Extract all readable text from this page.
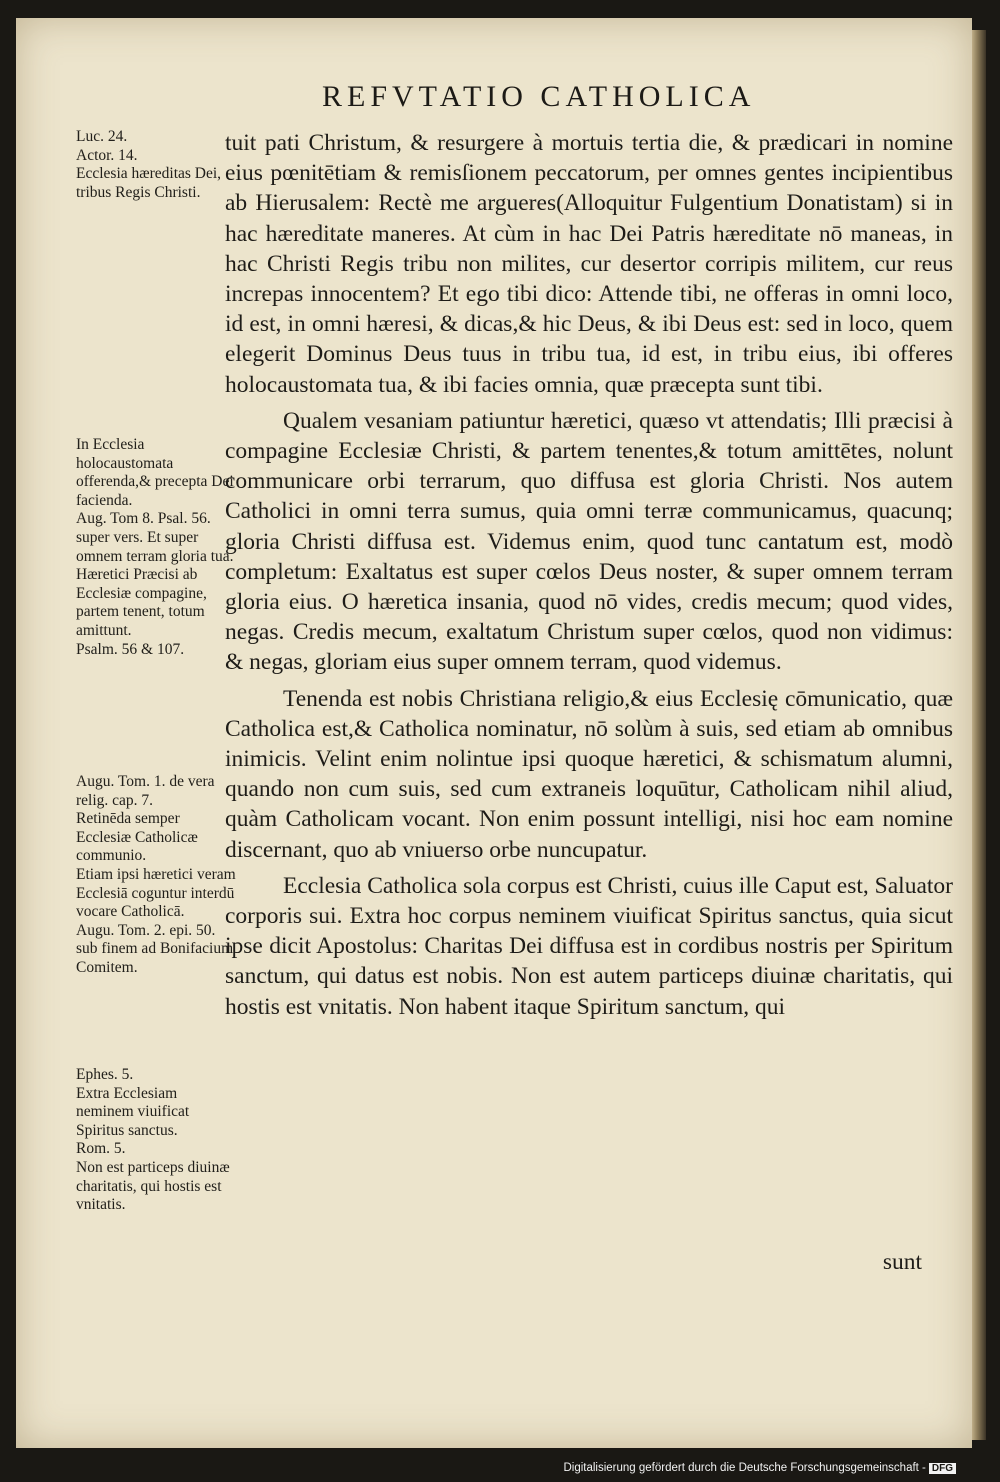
REFVTATIO CATHOLICA

tuit pati Christum, & resurgere à mortuis tertia die, & prædicari in nomine eius pœnitētiam & remisſionem peccatorum, per omnes gentes incipientibus ab Hierusalem: Rectè me argueres(Alloquitur Fulgentium Donatistam) si in hac hæreditate maneres. At cùm in hac Dei Patris hæreditate nō maneas, in hac Christi Regis tribu non milites, cur desertor corripis militem, cur reus increpas innocentem? Et ego tibi dico: Attende tibi, ne offeras in omni loco, id est, in omni hæresi, & dicas,& hic Deus, & ibi Deus est: sed in loco, quem elegerit Dominus Deus tuus in tribu tua, id est, in tribu eius, ibi offeres holocaustomata tua, & ibi facies omnia, quæ præcepta sunt tibi.

Qualem vesaniam patiuntur hæretici, quæso vt attendatis; Illi præcisi à compagine Ecclesiæ Christi, & partem tenentes,& totum amittētes, nolunt communicare orbi terrarum, quo diffusa est gloria Christi. Nos autem Catholici in omni terra sumus, quia omni terræ communicamus, quacunq; gloria Christi diffusa est. Videmus enim, quod tunc cantatum est, modò completum: Exaltatus est super cœlos Deus noster, & super omnem terram gloria eius. O hæretica insania, quod nō vides, credis mecum; quod vides, negas. Credis mecum, exaltatum Christum super cœlos, quod non vidimus: & negas, gloriam eius super omnem terram, quod videmus.

Tenenda est nobis Christiana religio,& eius Ecclesię cōmunicatio, quæ Catholica est,& Catholica nominatur, nō solùm à suis, sed etiam ab omnibus inimicis. Velint enim nolintue ipsi quoque hæretici, & schismatum alumni, quando non cum suis, sed cum extraneis loquūtur, Catholicam nihil aliud, quàm Catholicam vocant. Non enim possunt intelligi, nisi hoc eam nomine discernant, quo ab vniuerso orbe nuncupatur.

Ecclesia Catholica sola corpus est Christi, cuius ille Caput est, Saluator corporis sui. Extra hoc corpus neminem viuificat Spiritus sanctus, quia sicut ipse dicit Apostolus: Charitas Dei diffusa est in cordibus nostris per Spiritum sanctum, qui datus est nobis. Non est autem particeps diuinæ charitatis, qui hostis est vnitatis. Non habent itaque Spiritum sanctum, qui

sunt
Luc. 24.
Actor. 14.
Ecclesia hæreditas Dei, tribus Regis Christi.
In Ecclesia holocaustomata offerenda,& precepta Dei facienda.
Aug. Tom 8. Psal. 56. super vers. Et super omnem terram gloria tua.
Hæretici Præcisi ab Ecclesiæ compagine, partem tenent, totum amittunt.
Psalm. 56 & 107.
Augu. Tom. 1. de vera relig. cap. 7.
Retinēda semper Ecclesiæ Catholicæ communio.
Etiam ipsi hæretici veram Ecclesiā coguntur interdū vocare Catholicā.
Augu. Tom. 2. epi. 50. sub finem ad Bonifacium Comitem.
Ephes. 5.
Extra Ecclesiam neminem viuificat Spiritus sanctus.
Rom. 5.
Non est particeps diuinæ charitatis, qui hostis est vnitatis.
Digitalisierung gefördert durch die Deutsche Forschungsgemeinschaft - DFG
